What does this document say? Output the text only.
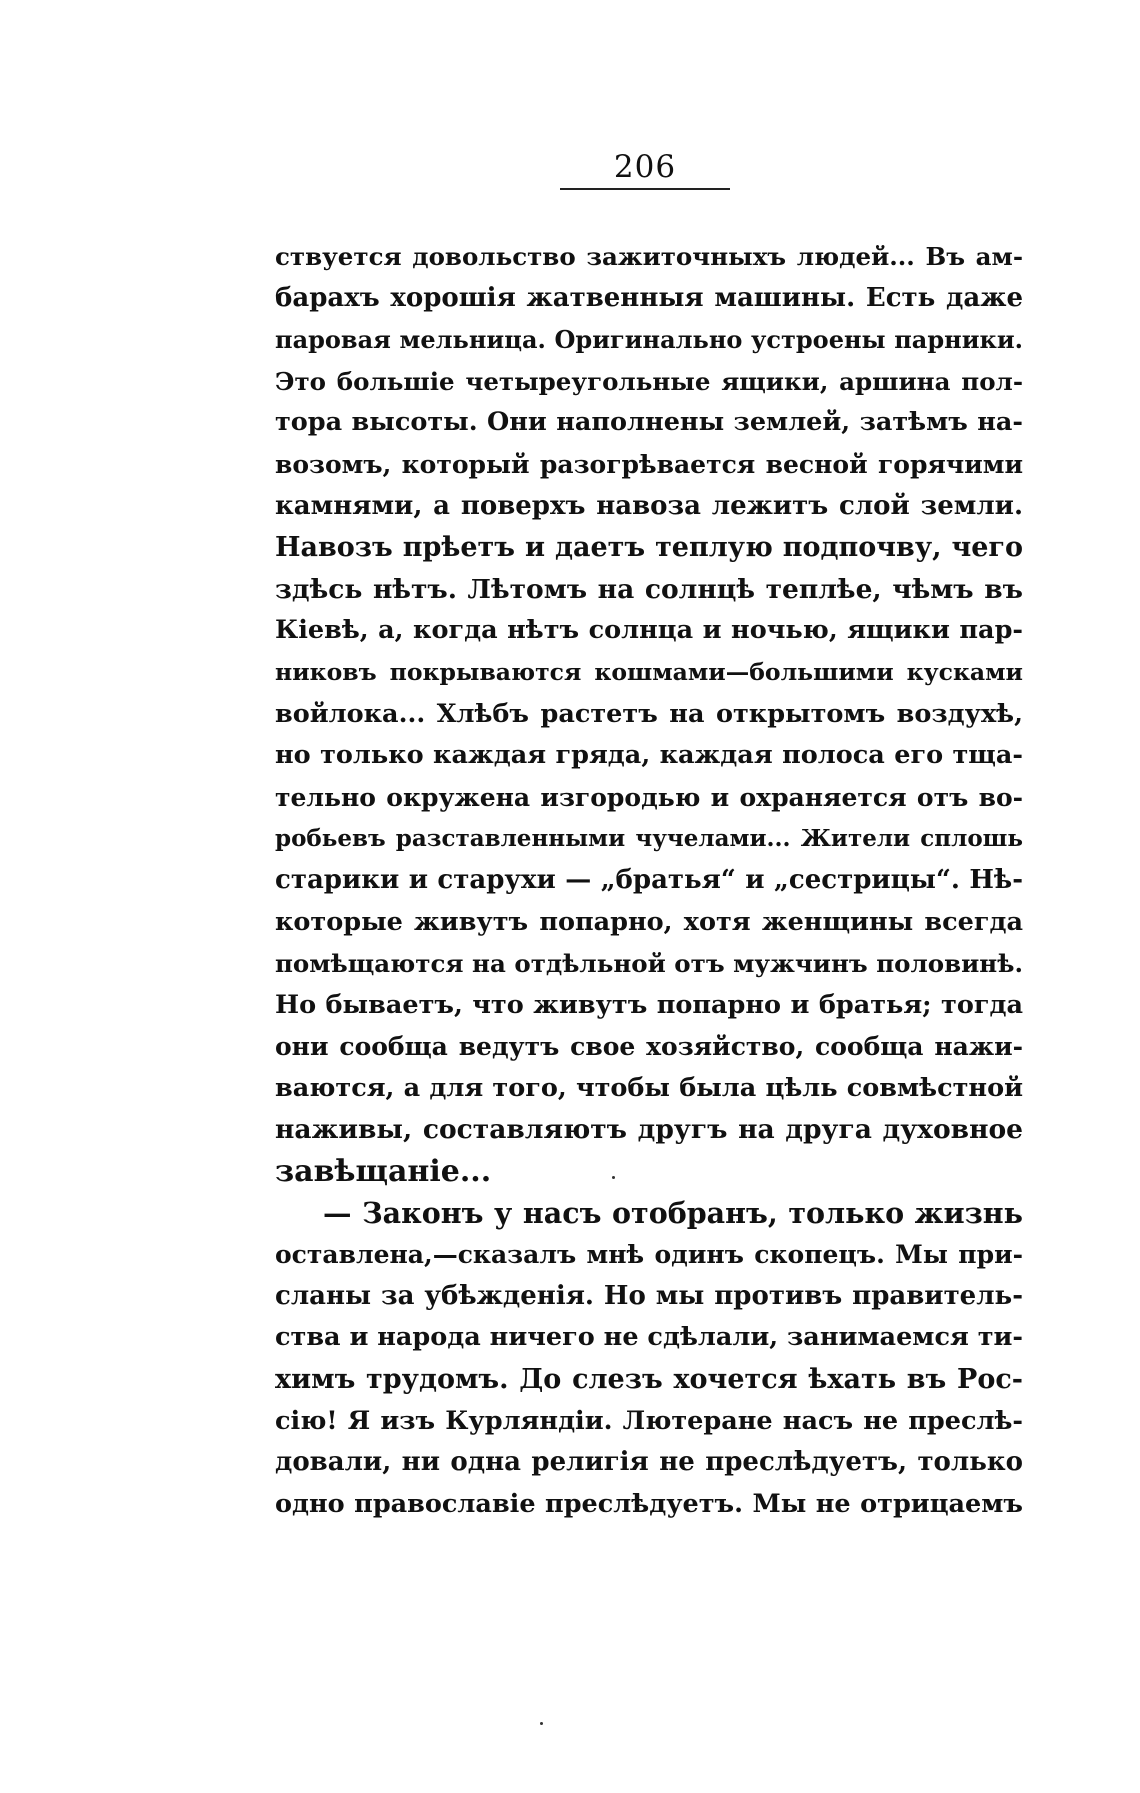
206
ствуется довольство зажиточныхъ людей... Въ ам-
барахъ хорошія жатвенныя машины. Есть даже
паровая мельница. Оригинально устроены парники.
Это большіе четыреугольные ящики, аршина пол-
тора высоты. Они наполнены землей, затѣмъ на-
возомъ, который разогрѣвается весной горячими
камнями, а поверхъ навоза лежитъ слой земли.
Навозъ прѣетъ и даетъ теплую подпочву, чего
здѣсь нѣтъ. Лѣтомъ на солнцѣ теплѣе, чѣмъ въ
Кіевѣ, а, когда нѣтъ солнца и ночью, ящики пар-
никовъ покрываются кошмами—большими кусками
войлока... Хлѣбъ растетъ на открытомъ воздухѣ,
но только каждая гряда, каждая полоса его тща-
тельно окружена изгородью и охраняется отъ во-
робьевъ разставленными чучелами... Жители сплошь
старики и старухи — „братья“ и „сестрицы“. Нѣ-
которые живутъ попарно, хотя женщины всегда
помѣщаются на отдѣльной отъ мужчинъ половинѣ.
Но бываетъ, что живутъ попарно и братья; тогда
они сообща ведутъ свое хозяйство, сообща нажи-
ваются, а для того, чтобы была цѣль совмѣстной
наживы, составляютъ другъ на друга духовное
завѣщаніе...
— Законъ у насъ отобранъ, только жизнь
оставлена,—сказалъ мнѣ одинъ скопецъ. Мы при-
сланы за убѣжденія. Но мы противъ правитель-
ства и народа ничего не сдѣлали, занимаемся ти-
химъ трудомъ. До слезъ хочется ѣхать въ Рос-
сію! Я изъ Курляндіи. Лютеране насъ не преслѣ-
довали, ни одна религія не преслѣдуетъ, только
одно православіе преслѣдуетъ. Мы не отрицаемъ
